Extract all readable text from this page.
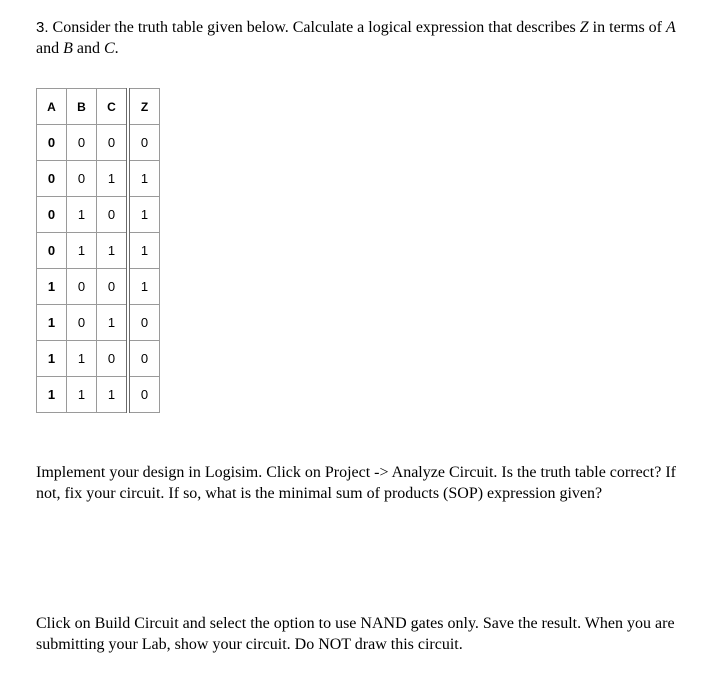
3. Consider the truth table given below. Calculate a logical expression that describes Z in terms of A and B and C.

A	B	C	Z
0	0	0	0
0	0	1	1
0	1	0	1
0	1	1	1
1	0	0	1
1	0	1	0
1	1	0	0
1	1	1	0

Implement your design in Logisim. Click on Project -> Analyze Circuit. Is the truth table correct? If not, fix your circuit. If so, what is the minimal sum of products (SOP) expression given?

Click on Build Circuit and select the option to use NAND gates only. Save the result. When you are submitting your Lab, show your circuit. Do NOT draw this circuit.
